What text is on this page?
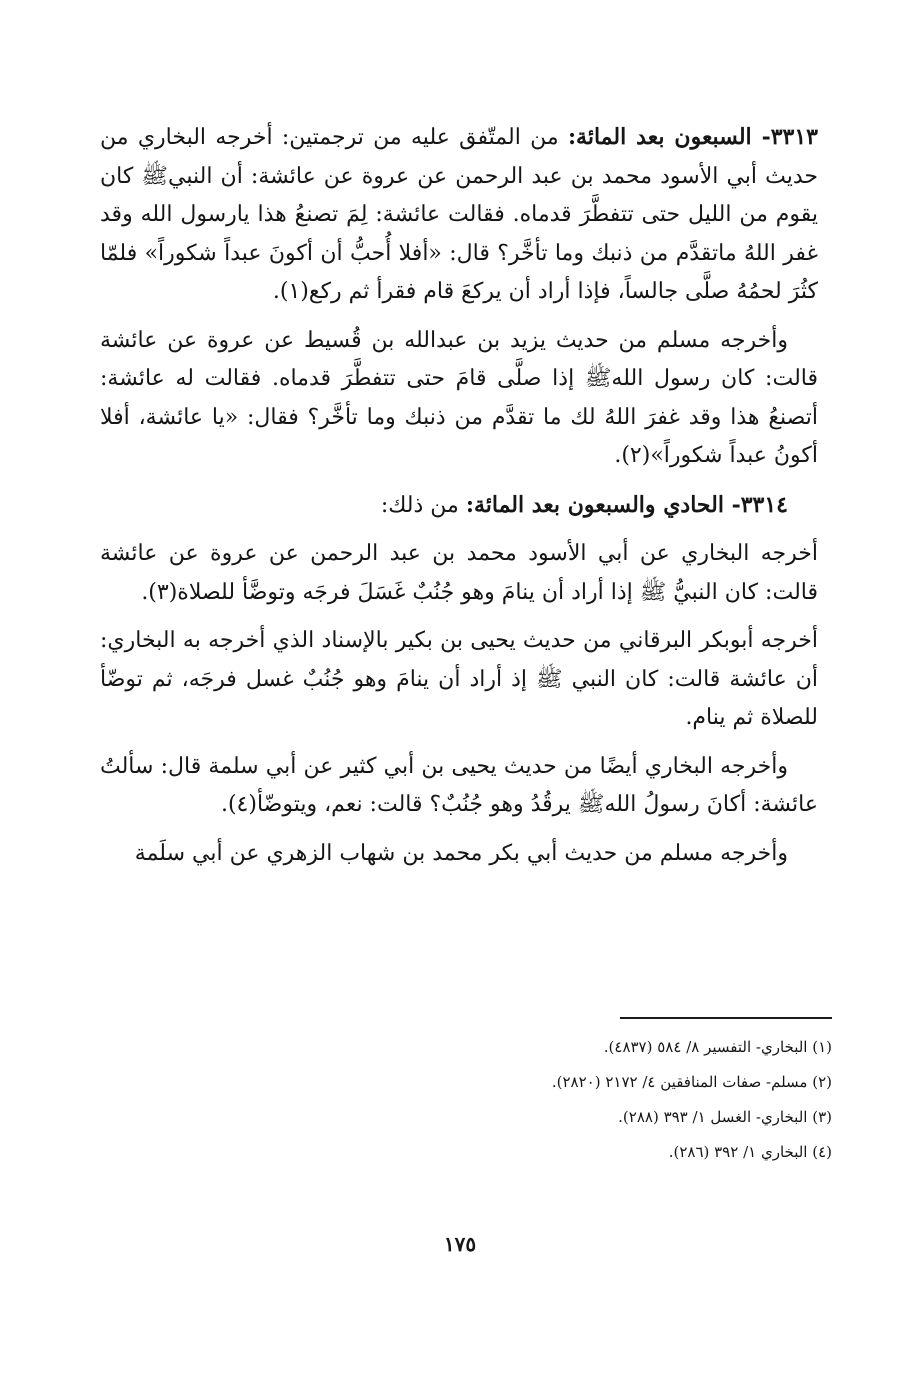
٣٣١٣- السبعون بعد المائة: من المتّفق عليه من ترجمتين: أخرجه البخاري من حديث أبي الأسود محمد بن عبد الرحمن عن عروة عن عائشة: أن النبيﷺ كان يقوم من الليل حتى تتفطَّرَ قدماه. فقالت عائشة: لِمَ تصنعُ هذا يارسول الله وقد غفر اللهُ ماتقدَّم من ذنبك وما تأخَّر؟ قال: «أفلا أُحبُّ أن أكونَ عبداً شكوراً» فلمّا كثُرَ لحمُهُ صلَّى جالساً، فإذا أراد أن يركعَ قام فقرأ ثم ركع(١).

وأخرجه مسلم من حديث يزيد بن عبدالله بن قُسيط عن عروة عن عائشة قالت: كان رسول اللهﷺ إذا صلَّى قامَ حتى تتفطَّرَ قدماه. فقالت له عائشة: أتصنعُ هذا وقد غفرَ اللهُ لك ما تقدَّم من ذنبك وما تأخَّر؟ فقال: «يا عائشة، أفلا أكونُ عبداً شكوراً»(٢).

٣٣١٤- الحادي والسبعون بعد المائة: من ذلك:

أخرجه البخاري عن أبي الأسود محمد بن عبد الرحمن عن عروة عن عائشة قالت: كان النبيُّ ﷺ إذا أراد أن ينامَ وهو جُنُبٌ غَسَلَ فرجَه وتوضَّأ للصلاة(٣).

أخرجه أبوبكر البرقاني من حديث يحيى بن بكير بالإسناد الذي أخرجه به البخاري: أن عائشة قالت: كان النبي ﷺ إذ أراد أن ينامَ وهو جُنُبٌ غسل فرجَه، ثم توضّأ للصلاة ثم ينام.

وأخرجه البخاري أيضًا من حديث يحيى بن أبي كثير عن أبي سلمة قال: سألتُ عائشة: أكانَ رسولُ اللهﷺ يرقُدُ وهو جُنُبٌ؟ قالت: نعم، ويتوضّأ(٤).

وأخرجه مسلم من حديث أبي بكر محمد بن شهاب الزهري عن أبي سلَمة

(١) البخاري- التفسير ٨/ ٥٨٤ (٤٨٣٧).

(٢) مسلم- صفات المنافقين ٤/ ٢١٧٢ (٢٨٢٠).

(٣) البخاري- الغسل ١/ ٣٩٣ (٢٨٨).

(٤) البخاري ١/ ٣٩٢ (٢٨٦).

١٧٥
